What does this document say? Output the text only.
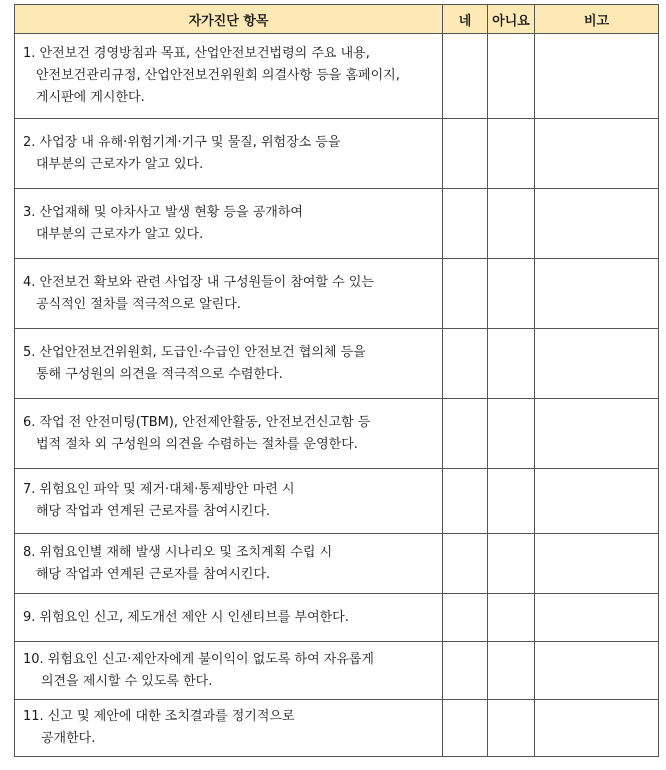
자가진단 항목	네	아니요	비고

1. 안전보건 경영방침과 목표, 산업안전보건법령의 주요 내용,
안전보건관리규정, 산업안전보건위원회 의결사항 등을 홈페이지,
게시판에 게시한다.			

2. 사업장 내 유해·위험기계·기구 및 물질, 위험장소 등을
대부분의 근로자가 알고 있다.			

3. 산업재해 및 아차사고 발생 현황 등을 공개하여
대부분의 근로자가 알고 있다.			

4. 안전보건 확보와 관련 사업장 내 구성원들이 참여할 수 있는
공식적인 절차를 적극적으로 알린다.			

5. 산업안전보건위원회, 도급인·수급인 안전보건 협의체 등을
통해 구성원의 의견을 적극적으로 수렴한다.			

6. 작업 전 안전미팅(TBM), 안전제안활동, 안전보건신고함 등
법적 절차 외 구성원의 의견을 수렴하는 절차를 운영한다.			

7. 위험요인 파악 및 제거·대체·통제방안 마련 시
해당 작업과 연계된 근로자를 참여시킨다.			

8. 위험요인별 재해 발생 시나리오 및 조치계획 수립 시
해당 작업과 연계된 근로자를 참여시킨다.			

9. 위험요인 신고, 제도개선 제안 시 인센티브를 부여한다.			

10. 위험요인 신고·제안자에게 불이익이 없도록 하여 자유롭게
의견을 제시할 수 있도록 한다.			

11. 신고 및 제안에 대한 조치결과를 정기적으로
공개한다.			
